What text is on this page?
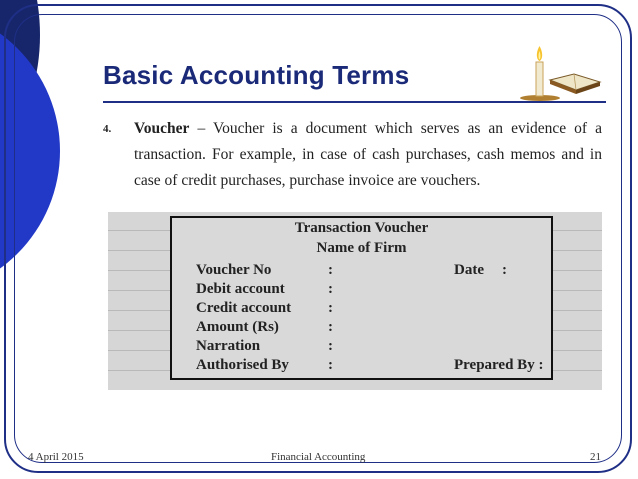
Basic Accounting Terms
4. Voucher – Voucher is a document which serves as an evidence of a transaction. For example, in case of cash purchases, cash memos and in case of credit purchases, purchase invoice are vouchers.
Transaction Voucher
Name of Firm
Voucher No	:	Date :
Debit account	:
Credit account :
Amount (Rs)	:
Narration	:
Authorised By	:	Prepared By :
4 April 2015	Financial Accounting	21
